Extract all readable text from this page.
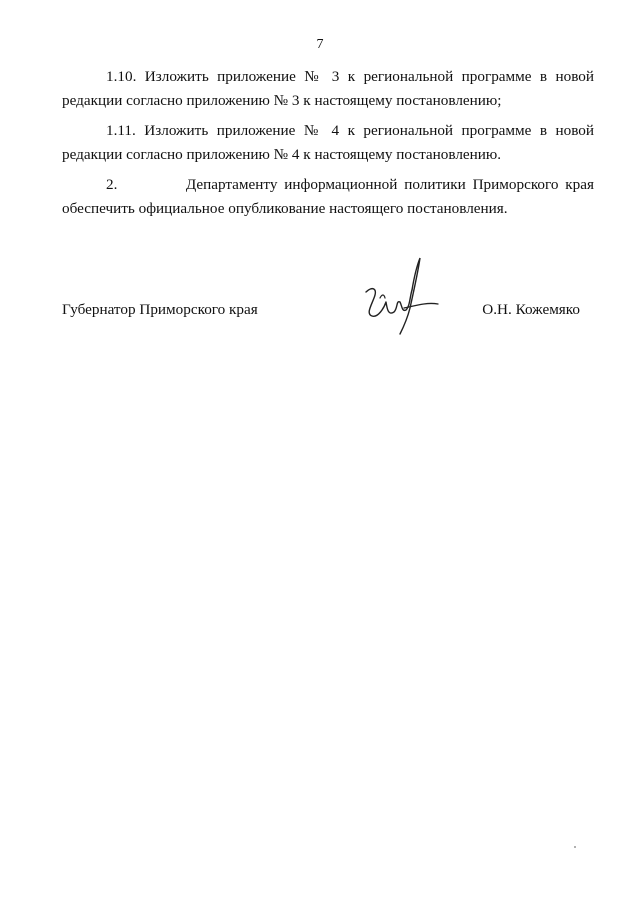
7

1.10. Изложить приложение № 3 к региональной программе в новой редакции согласно приложению № 3 к настоящему постановлению;

1.11. Изложить приложение № 4 к региональной программе в новой редакции согласно приложению № 4 к настоящему постановлению.

2.	Департаменту информационной политики Приморского края обеспечить официальное опубликование настоящего постановления.

Губернатор Приморского края	О.Н. Кожемяко
